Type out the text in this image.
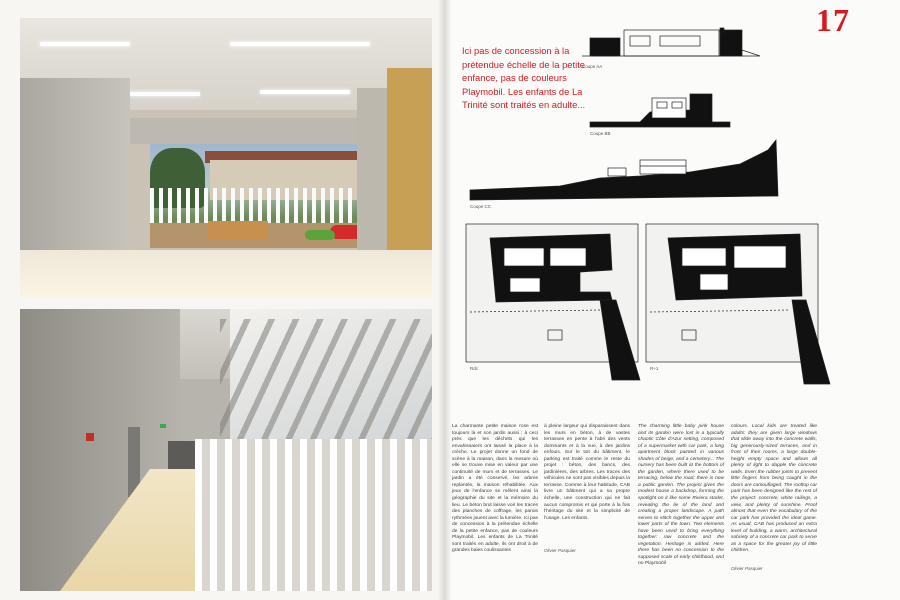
17
Ici pas de concession à la prétendue échelle de la petite enfance, pas de couleurs Playmobil. Les enfants de La Trinité sont traités en adulte...
Coupe AA
Coupe BB
Coupe CC
Rdc	R+1
La charmante petite maison rose est toujours là et son jardin aussi ; à ceci près que les déchets qui les envahissaient ont laissé la place à la crèche. Le projet donne un fond de scène à la maison, dans la mesure où elle se trouve mise en valeur par une continuité de murs et de terrasses. Le jardin a été conservé, les arbres replantés, la maison réhabilitée. Aux jeux de l'enfance se mêlent ainsi la géographie du site et la mémoire du lieu. Le béton brut laisse voir les traces des planches de coffrage, les parois rythmées jouent avec la lumière. Ici pas de concession à la prétendue échelle de la petite enfance, pas de couleurs Playmobil. Les enfants de La Trinité sont traités en adulte, ils ont droit à de grandes baies coulissantes
à pleine largeur qui disparaissent dans les murs en béton, à de vastes terrasses en pente à l'abri des vents dominants et à la vue, à des jardins enfouis. Sur le toit du bâtiment, le parking est traité comme le reste du projet : béton, des bancs, des jardinières, des arbres. Les traces des véhicules ne sont pas visibles depuis la terrasse. Comme à leur habitude, CAB livre un bâtiment qui a sa propre échelle, une construction qui ne fait aucun compromis et qui porte à la fois l'héritage du site et la simplicité de l'usage. Les enfants.
The charming little baby pink house and its garden were lost in a typically chaotic Côte d'Azur setting, composed of a supermarket with car park, a long apartment block painted in various shades of beige, and a cemetery... The nursery has been built at the bottom of the garden, where there used to be terracing, below the road; there is now a public garden. The project gives the modest house a backdrop, forming the spotlight on it like some Riviera starlet, revealing the lie of the land and creating a proper landscape. A path serves to stitch together the upper and lower parts of the town. Two elements have been used to bring everything together: raw concrete and the vegetation. Heritage is added. Here there has been no concession to the supposed scale of early childhood, and no Playmobil
colours. Local kids are treated like adults: they are given large windows that slide away into the concrete walls, big generously-sized terraces, and in front of their rooms, a large double-height empty space and allows all plenty of light to dapple the concrete walls. Even the rubber joints to prevent little fingers from being caught in the doors are camouflaged. The rooftop car park has been designed like the rest of the project: concrete, white railings, a view, and plenty of sunshine. Proof almost that even the vocabulary of the car park has provided the ideal game. As usual, CAB has produced an extra level of building, a warm, architectural sobriety of a concrete car park to serve as a space for the greater joy of little children.
Olivier Pasquier
Olivier Pasquier
